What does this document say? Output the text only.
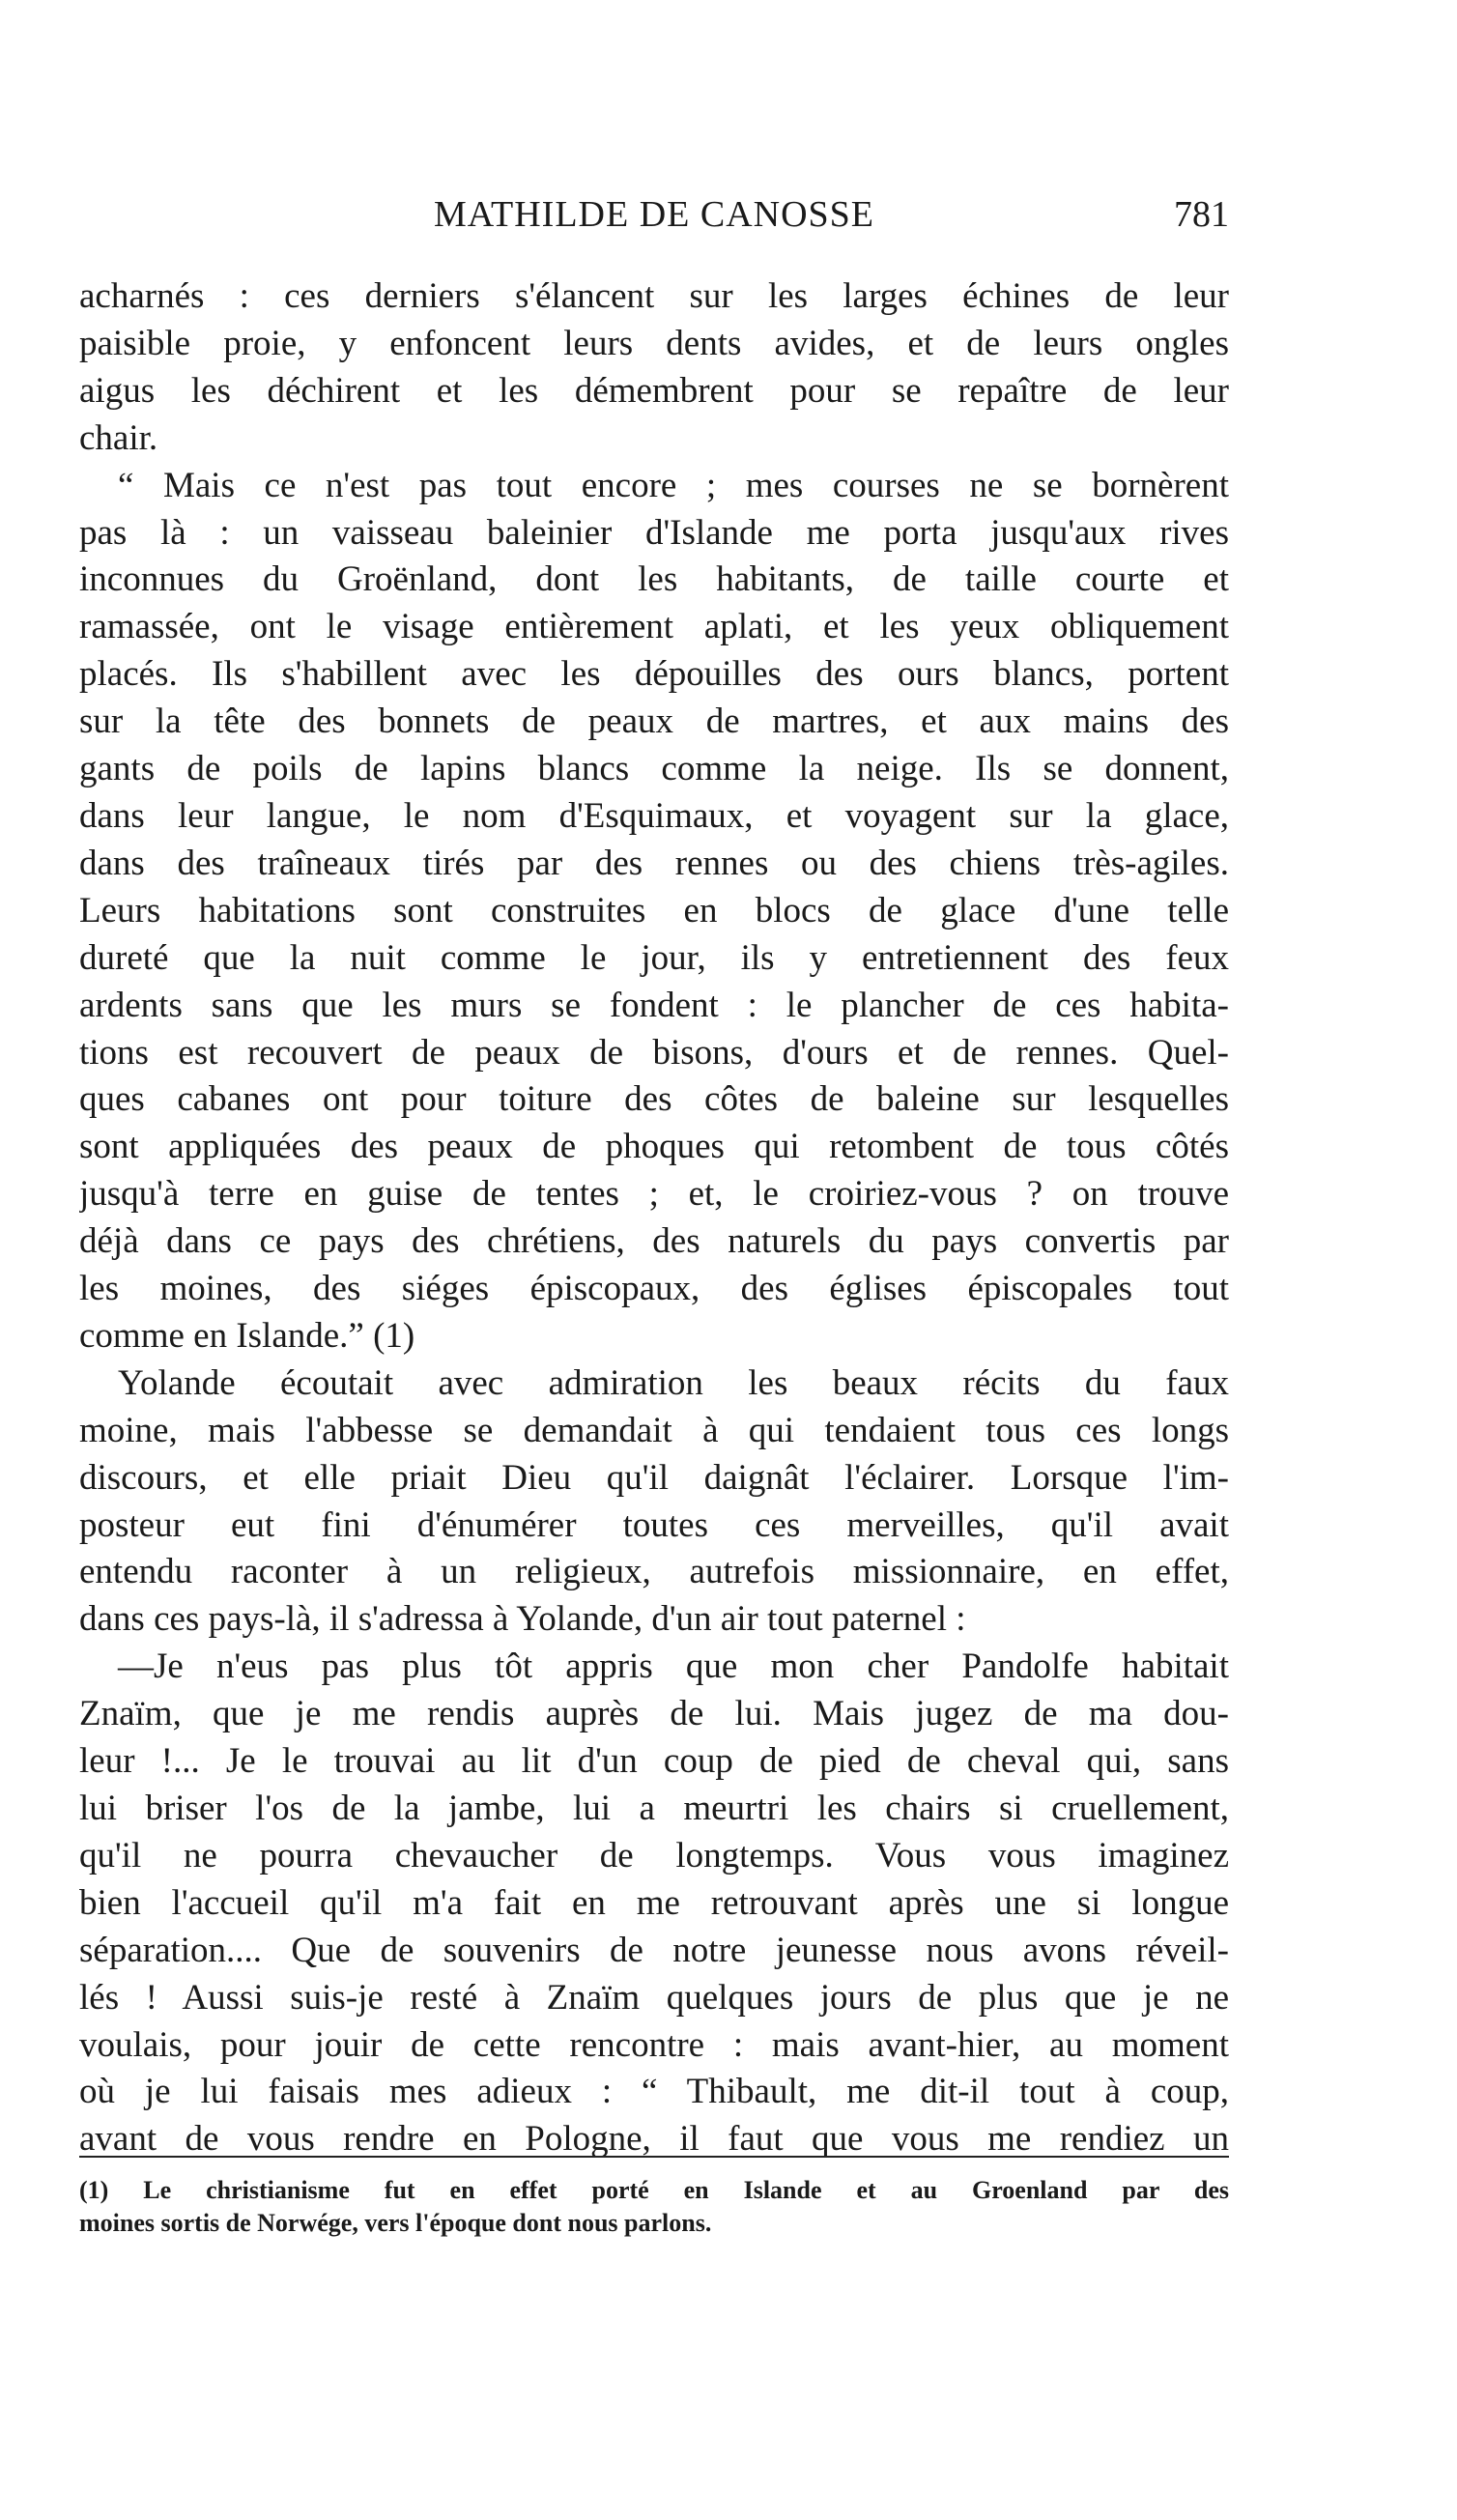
MATHILDE DE CANOSSE	781

acharnés : ces derniers s'élancent sur les larges échines de leur
paisible proie, y enfoncent leurs dents avides, et de leurs ongles
aigus les déchirent et les démembrent pour se repaître de leur
chair.

“ Mais ce n'est pas tout encore ; mes courses ne se bornèrent
pas là : un vaisseau baleinier d'Islande me porta jusqu'aux rives
inconnues du Groënland, dont les habitants, de taille courte et
ramassée, ont le visage entièrement aplati, et les yeux obliquement
placés. Ils s'habillent avec les dépouilles des ours blancs, portent
sur la tête des bonnets de peaux de martres, et aux mains des
gants de poils de lapins blancs comme la neige. Ils se donnent,
dans leur langue, le nom d'Esquimaux, et voyagent sur la glace,
dans des traîneaux tirés par des rennes ou des chiens très-agiles.
Leurs habitations sont construites en blocs de glace d'une telle
dureté que la nuit comme le jour, ils y entretiennent des feux
ardents sans que les murs se fondent : le plancher de ces habita-
tions est recouvert de peaux de bisons, d'ours et de rennes. Quel-
ques cabanes ont pour toiture des côtes de baleine sur lesquelles
sont appliquées des peaux de phoques qui retombent de tous côtés
jusqu'à terre en guise de tentes ; et, le croiriez-vous ? on trouve
déjà dans ce pays des chrétiens, des naturels du pays convertis par
les moines, des siéges épiscopaux, des églises épiscopales tout
comme en Islande.” (1)

Yolande écoutait avec admiration les beaux récits du faux
moine, mais l'abbesse se demandait à qui tendaient tous ces longs
discours, et elle priait Dieu qu'il daignât l'éclairer. Lorsque l'im-
posteur eut fini d'énumérer toutes ces merveilles, qu'il avait
entendu raconter à un religieux, autrefois missionnaire, en effet,
dans ces pays-là, il s'adressa à Yolande, d'un air tout paternel :

—Je n'eus pas plus tôt appris que mon cher Pandolfe habitait
Znaïm, que je me rendis auprès de lui. Mais jugez de ma dou-
leur !... Je le trouvai au lit d'un coup de pied de cheval qui, sans
lui briser l'os de la jambe, lui a meurtri les chairs si cruellement,
qu'il ne pourra chevaucher de longtemps. Vous vous imaginez
bien l'accueil qu'il m'a fait en me retrouvant après une si longue
séparation.... Que de souvenirs de notre jeunesse nous avons réveil-
lés ! Aussi suis-je resté à Znaïm quelques jours de plus que je ne
voulais, pour jouir de cette rencontre : mais avant-hier, au moment
où je lui faisais mes adieux : “ Thibault, me dit-il tout à coup,
avant de vous rendre en Pologne, il faut que vous me rendiez un

(1) Le christianisme fut en effet porté en Islande et au Groenland par des
moines sortis de Norwége, vers l'époque dont nous parlons.
